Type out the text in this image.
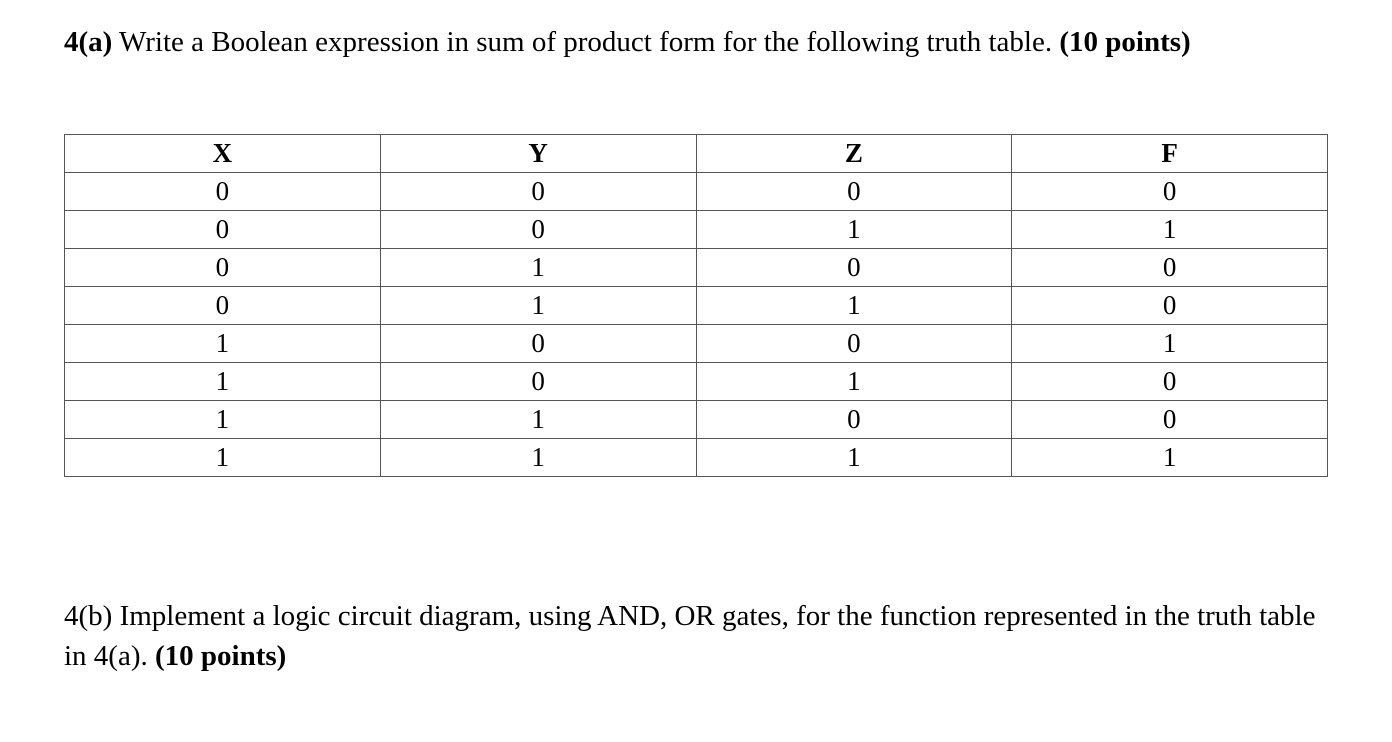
4(a) Write a Boolean expression in sum of product form for the following truth table. (10 points)
X	Y	Z	F
0	0	0	0
0	0	1	1
0	1	0	0
0	1	1	0
1	0	0	1
1	0	1	0
1	1	0	0
1	1	1	1
4(b) Implement a logic circuit diagram, using AND, OR gates, for the function represented in the truth table in 4(a). (10 points)
